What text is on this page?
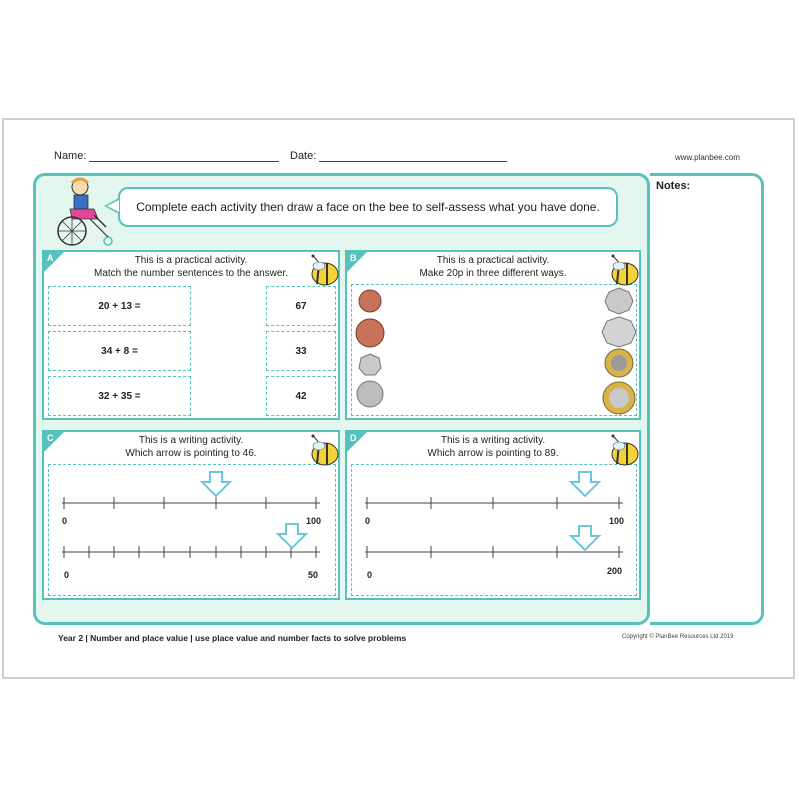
Name:	Date:	www.planbee.com
Notes:
Complete each activity then draw a face on the bee to self-assess what you have done.
A	This is a practical activity.
Match the number sentences to the answer.
20 + 13 =
34 + 8 =
32 + 35 =
67
33
42
B	This is a practical activity.
Make 20p in three different ways.
C	This is a writing activity.
Which arrow is pointing to 46.
0	100
0	50
D	This is a writing activity.
Which arrow is pointing to 89.
0	100
0	200
Year 2 | Number and place value | use place value and number facts to solve problems	Copyright © PlanBee Resources Ltd 2019
